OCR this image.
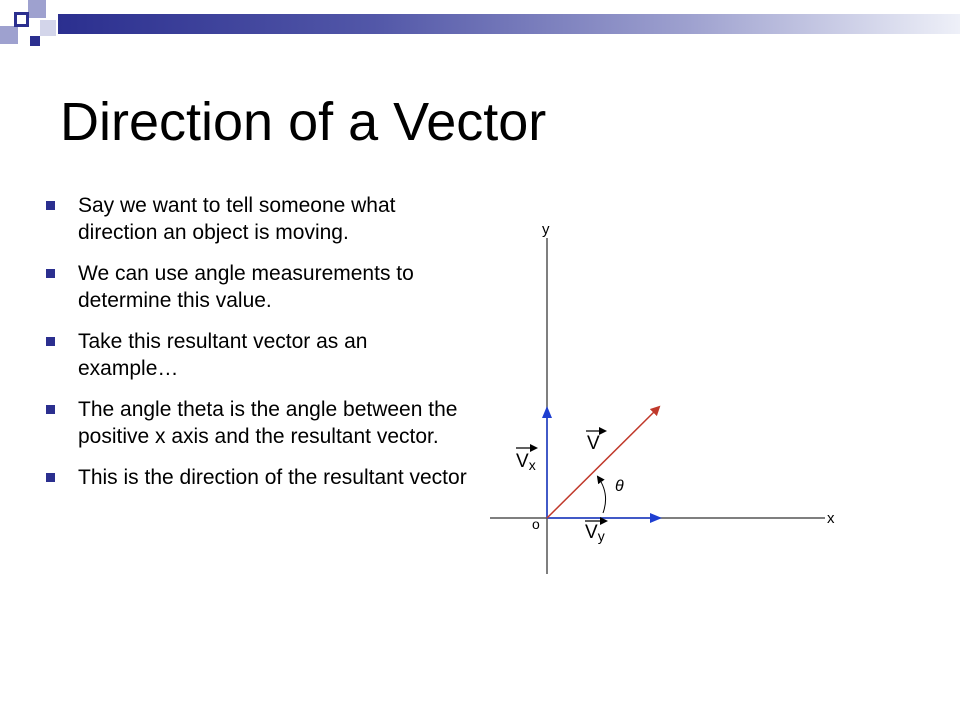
Direction of a Vector
Say we want to tell someone what direction an object is moving.
We can use angle measurements to determine this value.
Take this resultant vector as an example…
The angle theta is the angle between the positive x axis and the resultant vector.
This is the direction of the resultant vector
y
x
o
V
Vx
Vy
θ
